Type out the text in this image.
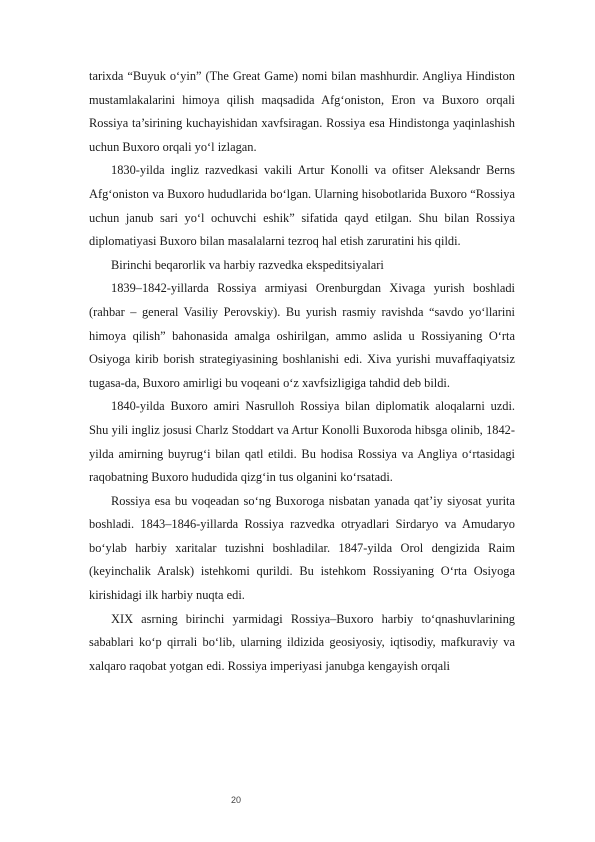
tarixda “Buyuk o‘yin” (The Great Game) nomi bilan mashhurdir. Angliya Hindiston mustamlakalarini himoya qilish maqsadida Afg‘oniston, Eron va Buxoro orqali Rossiya ta’sirining kuchayishidan xavfsiragan. Rossiya esa Hindistonga yaqinlashish uchun Buxoro orqali yo‘l izlagan.

1830-yilda ingliz razvedkasi vakili Artur Konolli va ofitser Aleksandr Berns Afg‘oniston va Buxoro hududlarida bo‘lgan. Ularning hisobotlarida Buxoro “Rossiya uchun janub sari yo‘l ochuvchi eshik” sifatida qayd etilgan. Shu bilan Rossiya diplomatiyasi Buxoro bilan masalalarni tezroq hal etish zaruratini his qildi.

Birinchi beqarorlik va harbiy razvedka ekspeditsiyalari

1839–1842-yillarda Rossiya armiyasi Orenburgdan Xivaga yurish boshladi (rahbar – general Vasiliy Perovskiy). Bu yurish rasmiy ravishda “savdo yo‘llarini himoya qilish” bahonasida amalga oshirilgan, ammo aslida u Rossiyaning O‘rta Osiyoga kirib borish strategiyasining boshlanishi edi. Xiva yurishi muvaffaqiyatsiz tugasa-da, Buxoro amirligi bu voqeani o‘z xavfsizligiga tahdid deb bildi.

1840-yilda Buxoro amiri Nasrulloh Rossiya bilan diplomatik aloqalarni uzdi. Shu yili ingliz josusi Charlz Stoddart va Artur Konolli Buxoroda hibsga olinib, 1842-yilda amirning buyrug‘i bilan qatl etildi. Bu hodisa Rossiya va Angliya o‘rtasidagi raqobatning Buxoro hududida qizg‘in tus olganini ko‘rsatadi.

Rossiya esa bu voqeadan so‘ng Buxoroga nisbatan yanada qat’iy siyosat yurita boshladi. 1843–1846-yillarda Rossiya razvedka otryadlari Sirdaryo va Amudaryo bo‘ylab harbiy xaritalar tuzishni boshladilar. 1847-yilda Orol dengizida Raim (keyinchalik Aralsk) istehkomi qurildi. Bu istehkom Rossiyaning O‘rta Osiyoga kirishidagi ilk harbiy nuqta edi.

XIX asrning birinchi yarmidagi Rossiya–Buxoro harbiy to‘qnashuvlarining sabablari ko‘p qirrali bo‘lib, ularning ildizida geosiyosiy, iqtisodiy, mafkuraviy va xalqaro raqobat yotgan edi. Rossiya imperiyasi janubga kengayish orqali

20
